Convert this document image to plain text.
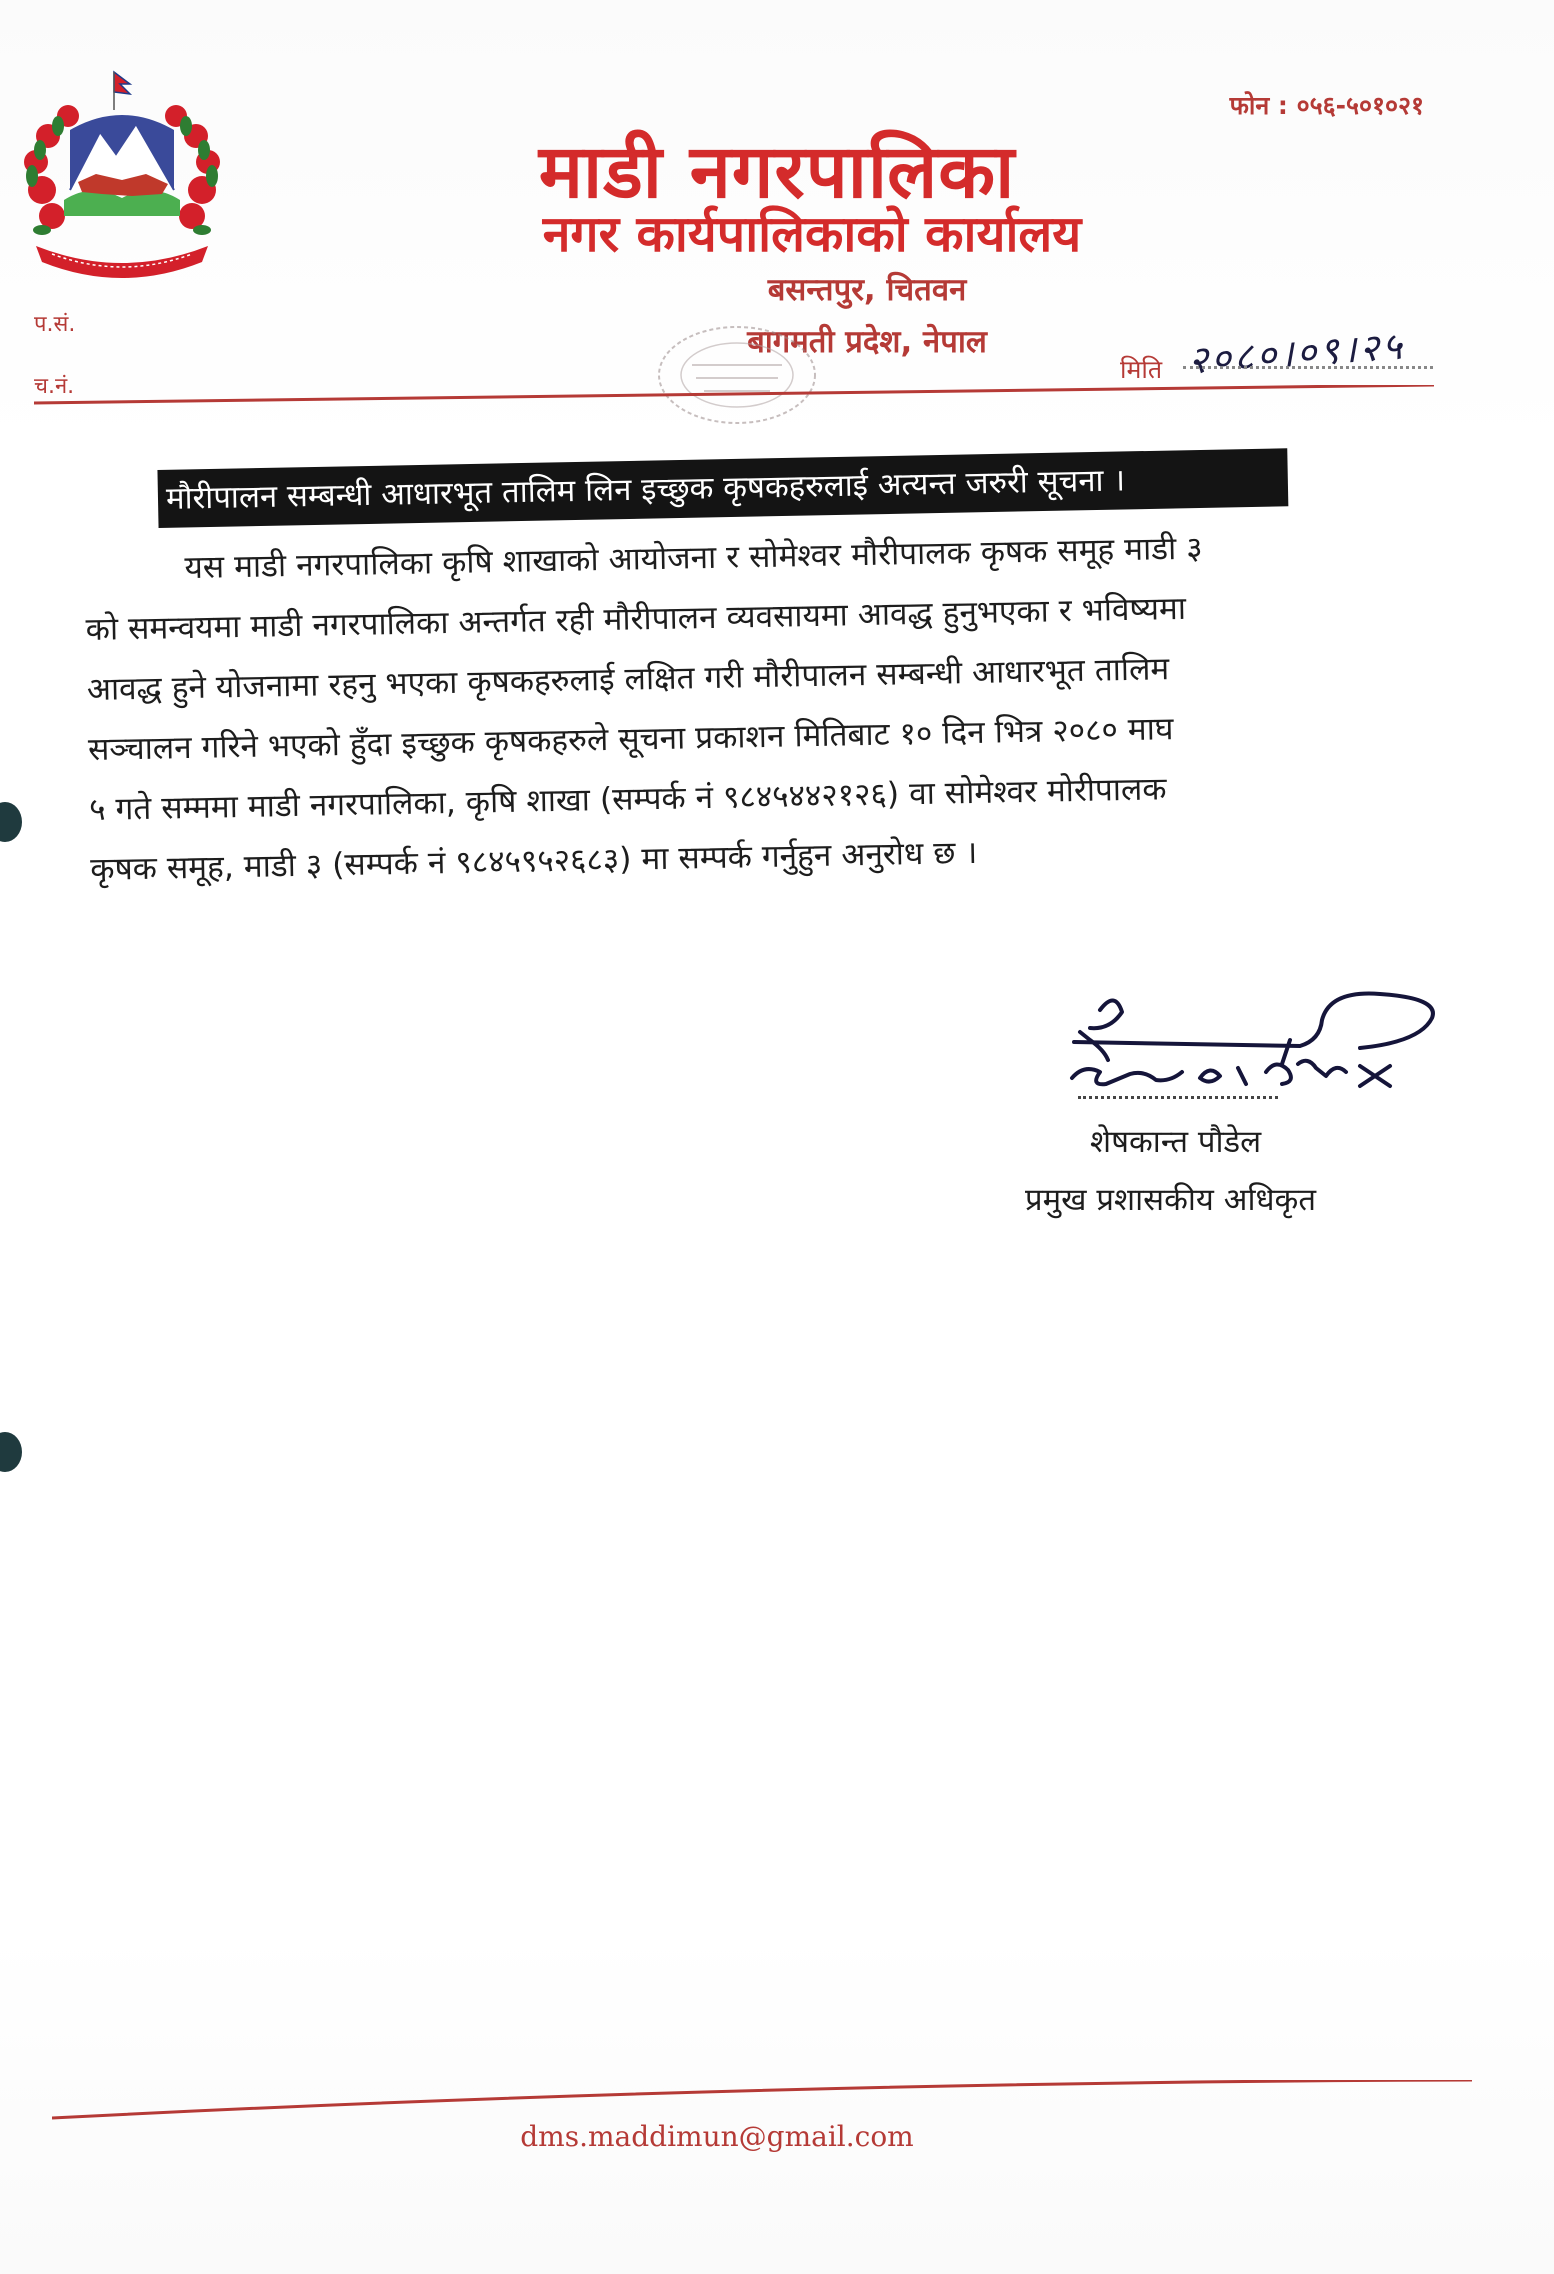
फोन : ०५६-५०१०२१
माडी नगरपालिका
नगर कार्यपालिकाको कार्यालय
बसन्तपुर, चितवन
बागमती प्रदेश, नेपाल
प.सं.
च.नं.
मिति २०८०।०९।२५
मौरीपालन सम्बन्धी आधारभूत तालिम लिन इच्छुक कृषकहरुलाई अत्यन्त जरुरी सूचना ।
यस माडी नगरपालिका कृषि शाखाको आयोजना र सोमेश्वर मौरीपालक कृषक समूह माडी ३
को समन्वयमा माडी नगरपालिका अन्तर्गत रही मौरीपालन व्यवसायमा आवद्ध हुनुभएका र भविष्यमा
आवद्ध हुने योजनामा रहनु भएका कृषकहरुलाई लक्षित गरी मौरीपालन सम्बन्धी आधारभूत तालिम
सञ्चालन गरिने भएको हुँदा इच्छुक कृषकहरुले सूचना प्रकाशन मितिबाट १० दिन भित्र २०८० माघ
५ गते सम्ममा माडी नगरपालिका, कृषि शाखा (सम्पर्क नं ९८४५४४२१२६) वा सोमेश्वर मोरीपालक
कृषक समूह, माडी ३ (सम्पर्क नं ९८४५९५२६८३) मा सम्पर्क गर्नुहुन अनुरोध छ ।
शेषकान्त पौडेल
प्रमुख प्रशासकीय अधिकृत
dms.maddimun@gmail.com
